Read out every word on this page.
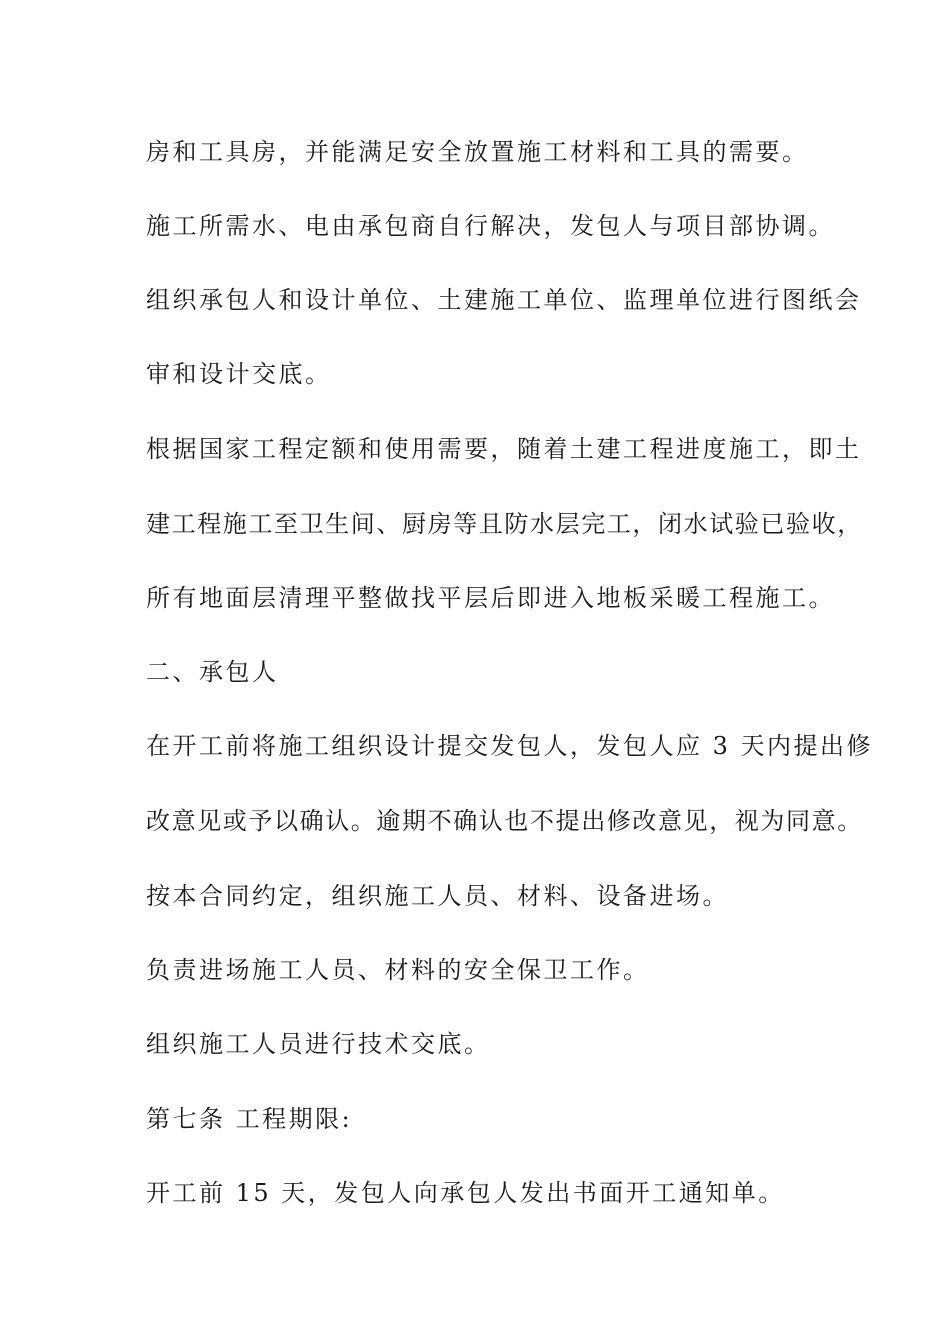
房和工具房，并能满足安全放置施工材料和工具的需要。

施工所需水、电由承包商自行解决，发包人与项目部协调。

组织承包人和设计单位、土建施工单位、监理单位进行图纸会

审和设计交底。

根据国家工程定额和使用需要，随着土建工程进度施工，即土

建工程施工至卫生间、厨房等且防水层完工，闭水试验已验收，

所有地面层清理平整做找平层后即进入地板采暖工程施工。

二、承包人

在开工前将施工组织设计提交发包人，发包人应 3 天内提出修

改意见或予以确认。逾期不确认也不提出修改意见，视为同意。

按本合同约定，组织施工人员、材料、设备进场。

负责进场施工人员、材料的安全保卫工作。

组织施工人员进行技术交底。

第七条 工程期限:

开工前 15 天，发包人向承包人发出书面开工通知单。
